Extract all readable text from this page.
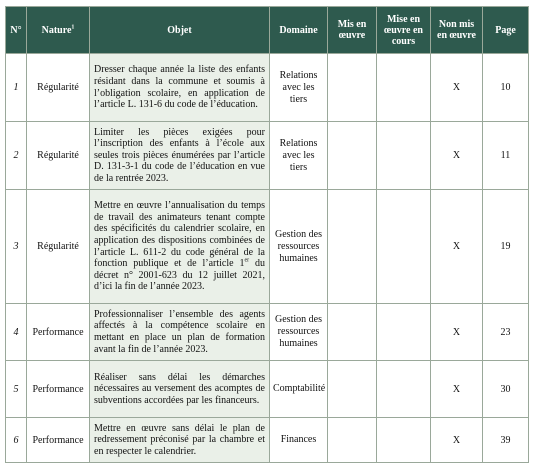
N°	Nature$^1$	Objet	Domaine	Mis en œuvre	Mise en œuvre en cours	Non mis en œuvre	Page
1	Régularité	Dresser chaque année la liste des enfants résidant dans la commune et soumis à l’obligation scolaire, en application de l’article L. 131-6 du code de l’éducation.	Relations avec les tiers			X	10
2	Régularité	Limiter les pièces exigées pour l’inscription des enfants à l’école aux seules trois pièces énumérées par l’article D. 131-3-1 du code de l’éducation en vue de la rentrée 2023.	Relations avec les tiers			X	11
3	Régularité	Mettre en œuvre l’annualisation du temps de travail des animateurs tenant compte des spécificités du calendrier scolaire, en application des dispositions combinées de l’article L. 611-2 du code général de la fonction publique et de l’article 1er du décret n° 2001-623 du 12 juillet 2021, d’ici la fin de l’année 2023.	Gestion des ressources humaines			X	19
4	Performance	Professionnaliser l’ensemble des agents affectés à la compétence scolaire en mettant en place un plan de formation avant la fin de l’année 2023.	Gestion des ressources humaines			X	23
5	Performance	Réaliser sans délai les démarches nécessaires au versement des acomptes de subventions accordées par les financeurs.	Comptabilité			X	30
6	Performance	Mettre en œuvre sans délai le plan de redressement préconisé par la chambre et en respecter le calendrier.	Finances			X	39
